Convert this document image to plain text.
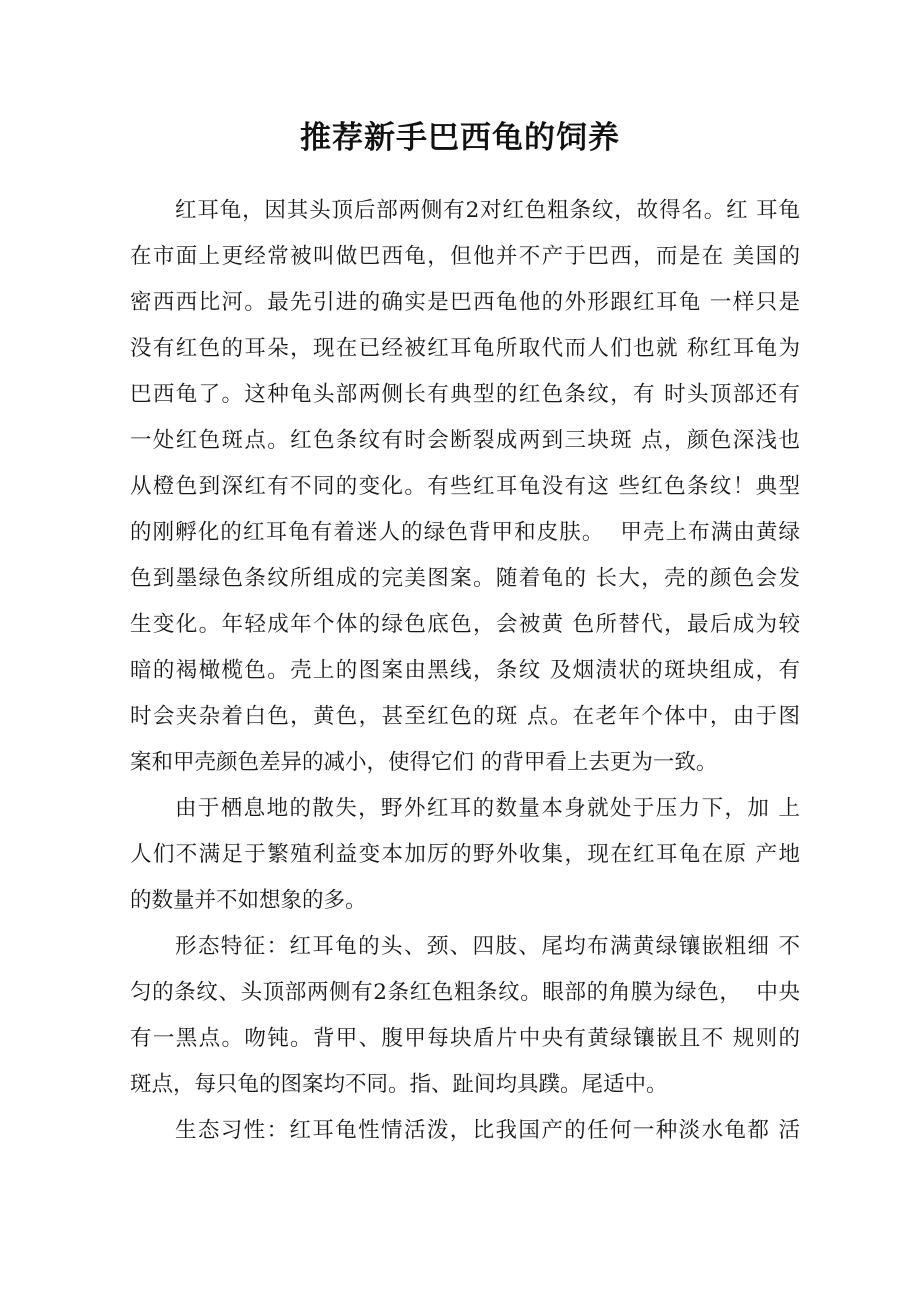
推荐新手巴西龟的饲养
红耳龟，因其头顶后部两侧有2对红色粗条纹，故得名。红 耳龟
在市面上更经常被叫做巴西龟，但他并不产于巴西，而是在 美国的
密西西比河。最先引进的确实是巴西龟他的外形跟红耳龟 一样只是
没有红色的耳朵，现在已经被红耳龟所取代而人们也就 称红耳龟为
巴西龟了。这种龟头部两侧长有典型的红色条纹，有 时头顶部还有
一处红色斑点。红色条纹有时会断裂成两到三块斑 点，颜色深浅也
从橙色到深红有不同的变化。有些红耳龟没有这 些红色条纹！典型
的刚孵化的红耳龟有着迷人的绿色背甲和皮肤。  甲壳上布满由黄绿
色到墨绿色条纹所组成的完美图案。随着龟的 长大，壳的颜色会发
生变化。年轻成年个体的绿色底色，会被黄 色所替代，最后成为较
暗的褐橄榄色。壳上的图案由黑线，条纹 及烟渍状的斑块组成，有
时会夹杂着白色，黄色，甚至红色的斑 点。在老年个体中，由于图
案和甲壳颜色差异的减小，使得它们 的背甲看上去更为一致。
由于栖息地的散失，野外红耳的数量本身就处于压力下，加 上
人们不满足于繁殖利益变本加厉的野外收集，现在红耳龟在原 产地
的数量并不如想象的多。
形态特征：红耳龟的头、颈、四肢、尾均布满黄绿镶嵌粗细 不
匀的条纹、头顶部两侧有2条红色粗条纹。眼部的角膜为绿色，  中央
有一黑点。吻钝。背甲、腹甲每块盾片中央有黄绿镶嵌且不 规则的
斑点，每只龟的图案均不同。指、趾间均具蹼。尾适中。
生态习性：红耳龟性情活泼，比我国产的任何一种淡水龟都 活
